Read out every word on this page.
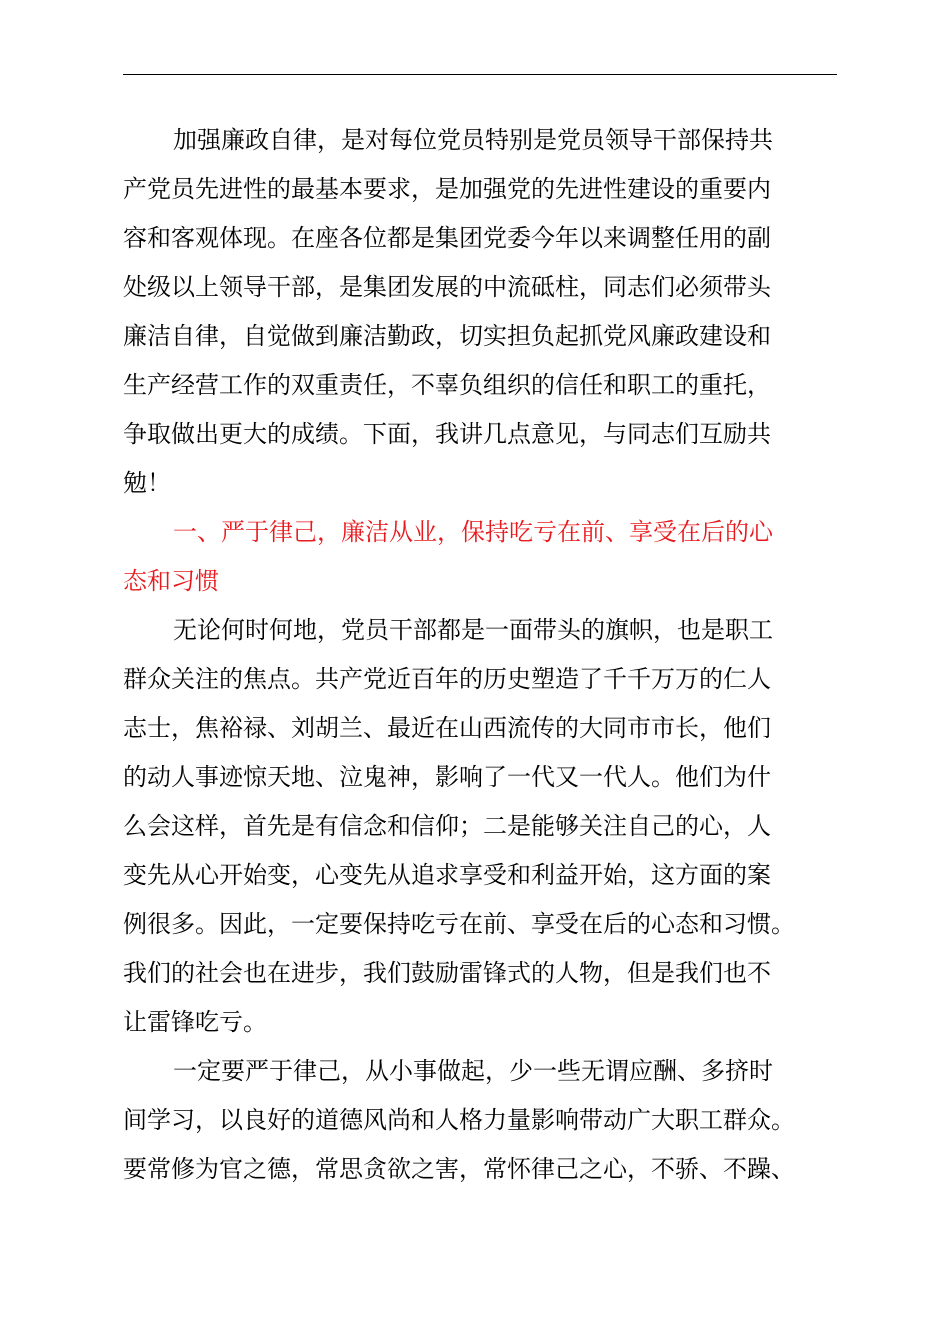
加强廉政自律，是对每位党员特别是党员领导干部保持共
产党员先进性的最基本要求，是加强党的先进性建设的重要内
容和客观体现。在座各位都是集团党委今年以来调整任用的副
处级以上领导干部，是集团发展的中流砥柱，同志们必须带头
廉洁自律，自觉做到廉洁勤政，切实担负起抓党风廉政建设和
生产经营工作的双重责任，不辜负组织的信任和职工的重托，
争取做出更大的成绩。下面，我讲几点意见，与同志们互励共
勉！
一、严于律己，廉洁从业，保持吃亏在前、享受在后的心
态和习惯
无论何时何地，党员干部都是一面带头的旗帜，也是职工
群众关注的焦点。共产党近百年的历史塑造了千千万万的仁人
志士，焦裕禄、刘胡兰、最近在山西流传的大同市市长，他们
的动人事迹惊天地、泣鬼神，影响了一代又一代人。他们为什
么会这样，首先是有信念和信仰；二是能够关注自己的心，人
变先从心开始变，心变先从追求享受和利益开始，这方面的案
例很多。因此，一定要保持吃亏在前、享受在后的心态和习惯。
我们的社会也在进步，我们鼓励雷锋式的人物，但是我们也不
让雷锋吃亏。
一定要严于律己，从小事做起，少一些无谓应酬、多挤时
间学习，以良好的道德风尚和人格力量影响带动广大职工群众。
要常修为官之德，常思贪欲之害，常怀律己之心，不骄、不躁、
